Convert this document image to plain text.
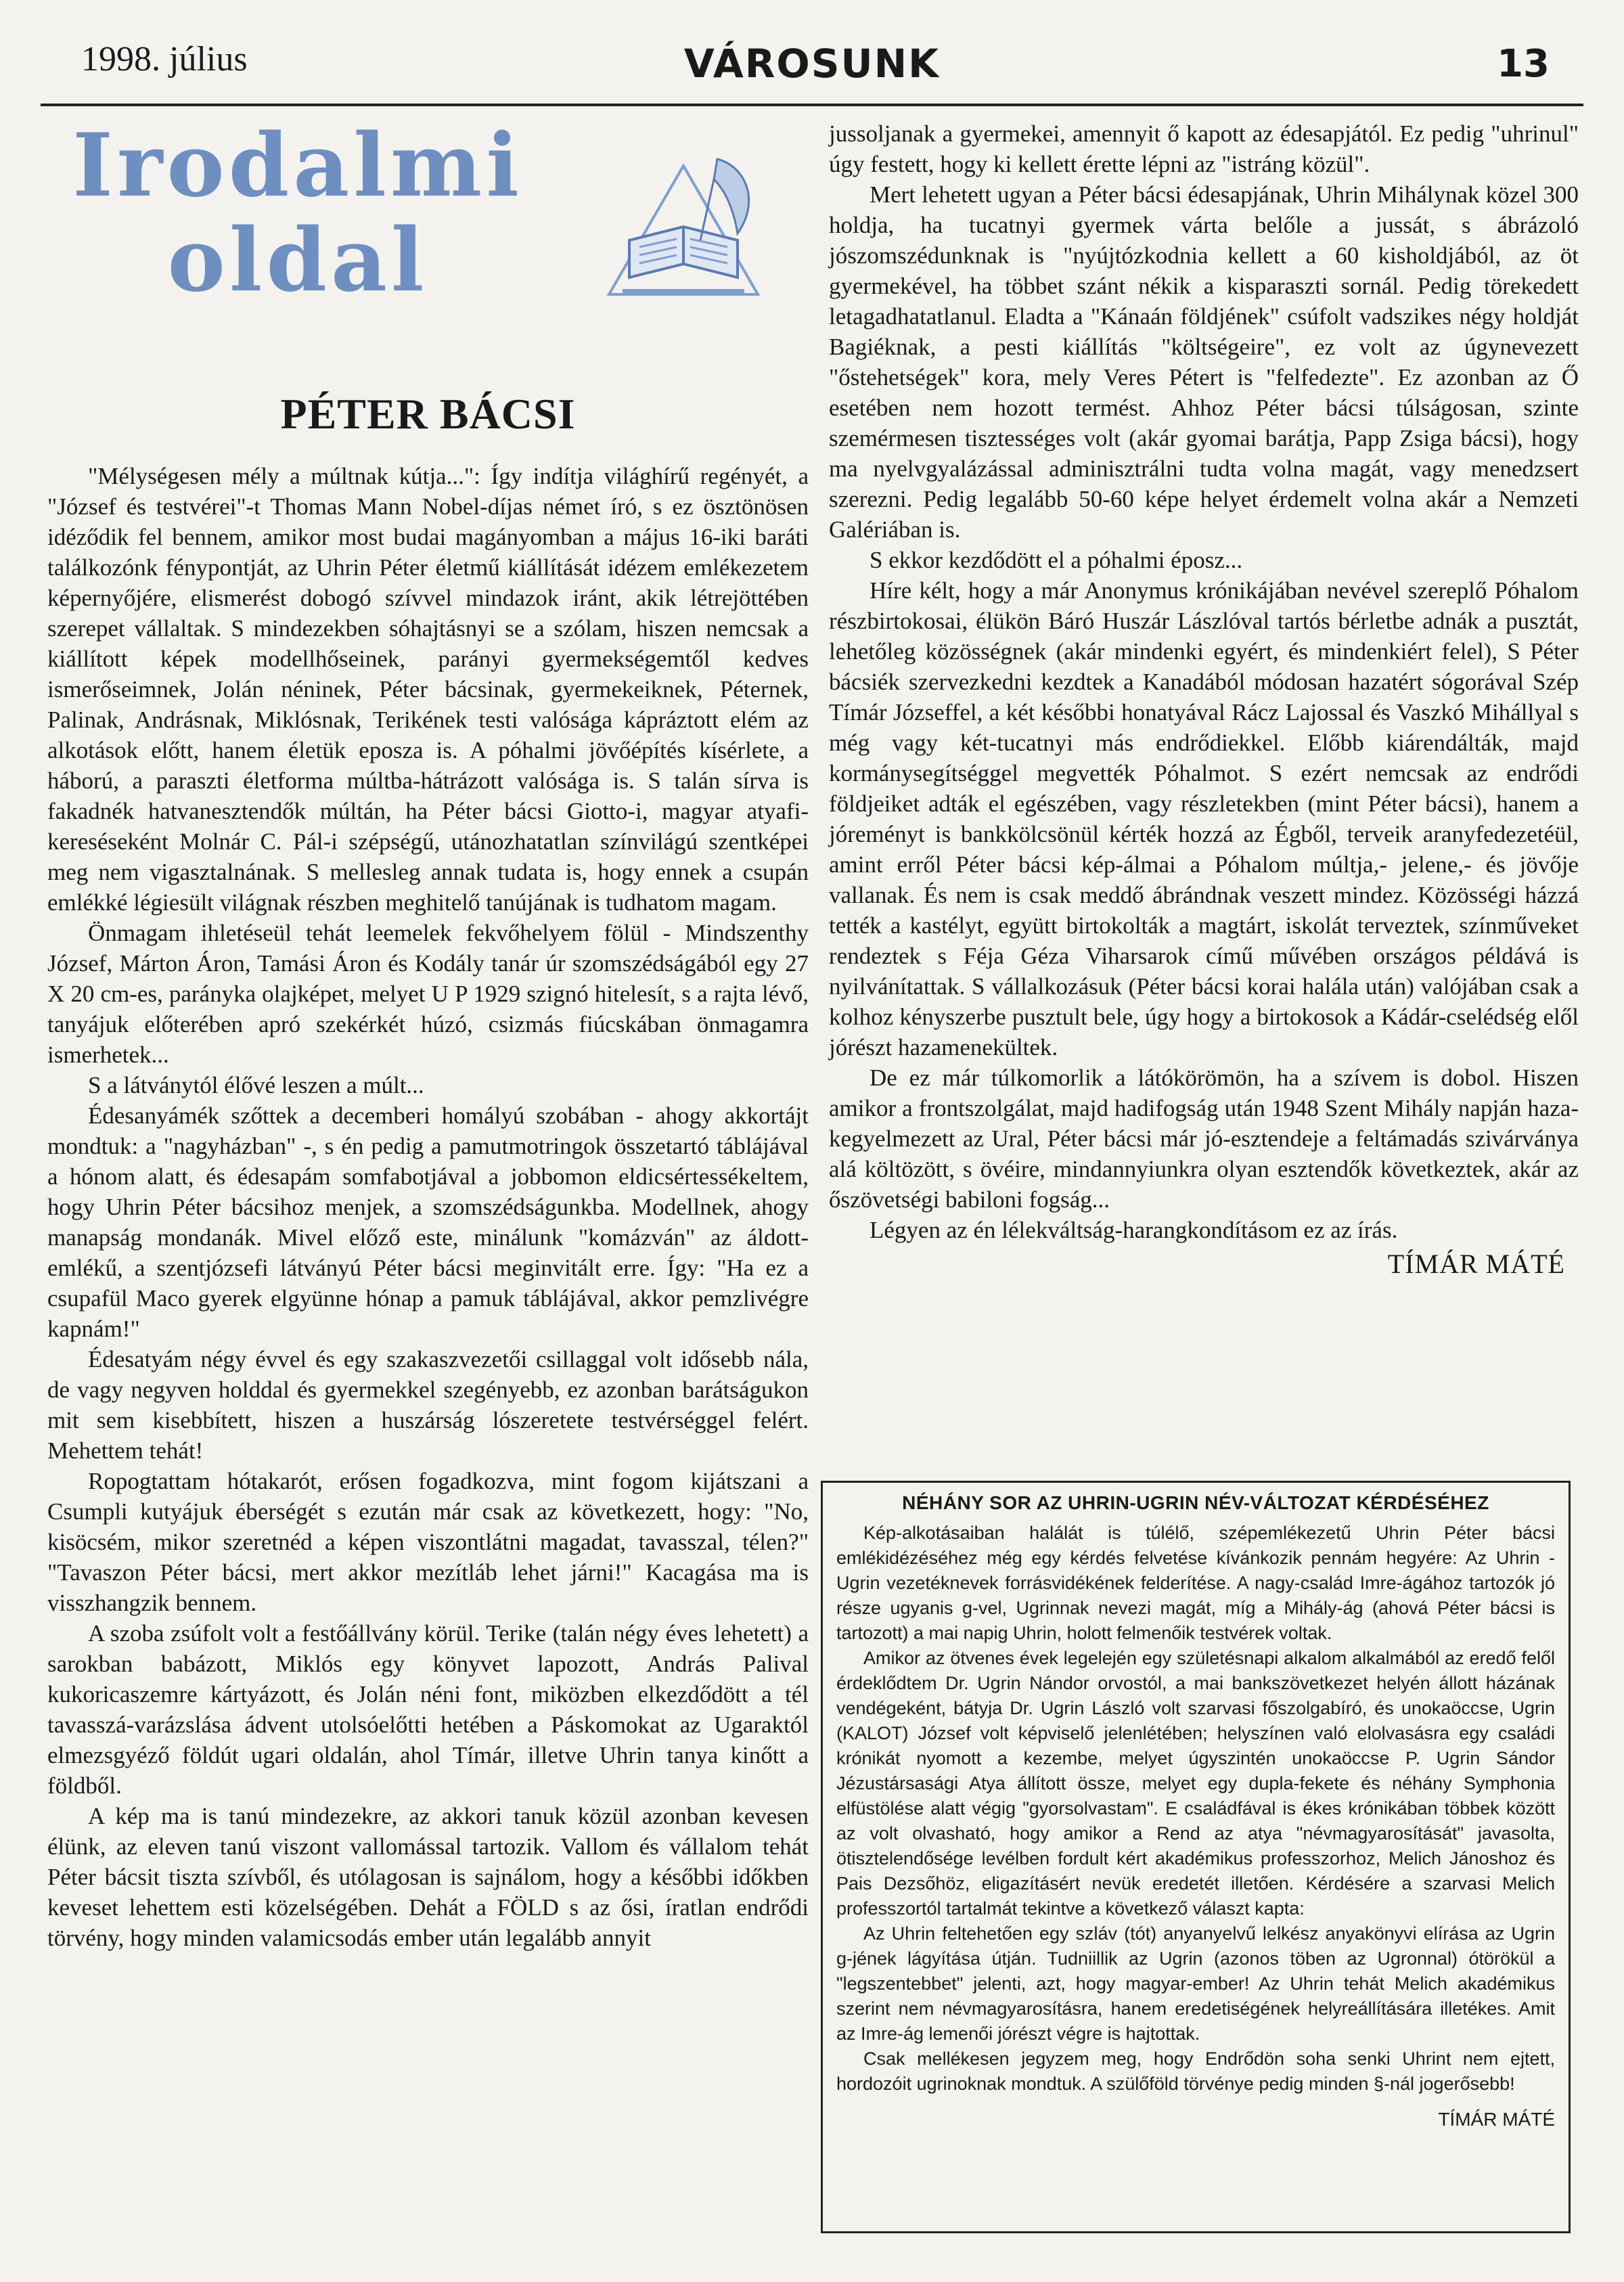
1998. július	VÁROSUNK	13
Irodalmi
oldal
PÉTER BÁCSI

"Mélységesen mély a múltnak kútja...": Így indítja világhírű regényét, a "József és testvérei"-t Thomas Mann Nobel-díjas német író, s ez ösztönösen idéződik fel bennem, amikor most budai magányomban a május 16-iki baráti találkozónk fénypontját, az Uhrin Péter életmű kiállítását idézem emlékezetem képernyőjére, elismerést dobogó szívvel mindazok iránt, akik létrejöttében szerepet vállaltak. S mindezekben sóhajtásnyi se a szólam, hiszen nemcsak a kiállított képek modellhőseinek, parányi gyermekségemtől kedves ismerőseimnek, Jolán néninek, Péter bácsinak, gyermekeiknek, Péternek, Palinak, Andrásnak, Miklósnak, Terikének testi valósága kápráztott elém az alkotások előtt, hanem életük eposza is. A póhalmi jövőépítés kísérlete, a háború, a paraszti életforma múltba-hátrázott valósága is. S talán sírva is fakadnék hatvanesztendők múltán, ha Péter bácsi Giotto-i, magyar atyafi-kereséseként Molnár C. Pál-i szépségű, utánozhatatlan színvilágú szentképei meg nem vigasztalnának. S mellesleg annak tudata is, hogy ennek a csupán emlékké légiesült világnak részben meghitelő tanújának is tudhatom magam.

Önmagam ihletéseül tehát leemelek fekvőhelyem fölül - Mindszenthy József, Márton Áron, Tamási Áron és Kodály tanár úr szomszédságából egy 27 X 20 cm-es, parányka olajképet, melyet U P 1929 szignó hitelesít, s a rajta lévő, tanyájuk előterében apró szekérkét húzó, csizmás fiúcskában önmagamra ismerhetek...

S a látványtól élővé leszen a múlt...

Édesanyámék szőttek a decemberi homályú szobában - ahogy akkortájt mondtuk: a "nagyházban" -, s én pedig a pamutmotringok összetartó táblájával a hónom alatt, és édesapám somfabotjával a jobbomon eldicsértessékeltem, hogy Uhrin Péter bácsihoz menjek, a szomszédságunkba. Modellnek, ahogy manapság mondanák. Mivel előző este, minálunk "komázván" az áldott-emlékű, a szentjózsefi látványú Péter bácsi meginvitált erre. Így: "Ha ez a csupafül Maco gyerek elgyünne hónap a pamuk táblájával, akkor pemzlivégre kapnám!"

Édesatyám négy évvel és egy szakaszvezetői csillaggal volt idősebb nála, de vagy negyven holddal és gyermekkel szegényebb, ez azonban barátságukon mit sem kisebbített, hiszen a huszárság lószeretete testvérséggel felért. Mehettem tehát!

Ropogtattam hótakarót, erősen fogadkozva, mint fogom kijátszani a Csumpli kutyájuk éberségét s ezután már csak az következett, hogy: "No, kisöcsém, mikor szeretnéd a képen viszontlátni magadat, tavasszal, télen?" "Tavaszon Péter bácsi, mert akkor mezítláb lehet járni!" Kacagása ma is visszhangzik bennem.

A szoba zsúfolt volt a festőállvány körül. Terike (talán négy éves lehetett) a sarokban babázott, Miklós egy könyvet lapozott, András Palival kukoricaszemre kártyázott, és Jolán néni font, miközben elkezdődött a tél tavasszá-varázslása ádvent utolsóelőtti hetében a Páskomokat az Ugaraktól elmezsgyéző földút ugari oldalán, ahol Tímár, illetve Uhrin tanya kinőtt a földből.

A kép ma is tanú mindezekre, az akkori tanuk közül azonban kevesen élünk, az eleven tanú viszont vallomással tartozik. Vallom és vállalom tehát Péter bácsit tiszta szívből, és utólagosan is sajnálom, hogy a későbbi időkben keveset lehettem esti közelségében. Dehát a FÖLD s az ősi, íratlan endrődi törvény, hogy minden valamicsodás ember után legalább annyit

jussoljanak a gyermekei, amennyit ő kapott az édesapjától. Ez pedig "uhrinul" úgy festett, hogy ki kellett érette lépni az "istráng közül".

Mert lehetett ugyan a Péter bácsi édesapjának, Uhrin Mihálynak közel 300 holdja, ha tucatnyi gyermek várta belőle a jussát, s ábrázoló jószomszédunknak is "nyújtózkodnia kellett a 60 kisholdjából, az öt gyermekével, ha többet szánt nékik a kisparaszti sornál. Pedig törekedett letagadhatatlanul. Eladta a "Kánaán földjének" csúfolt vadszikes négy holdját Bagiéknak, a pesti kiállítás "költségeire", ez volt az úgynevezett "őstehetségek" kora, mely Veres Pétert is "felfedezte". Ez azonban az Ő esetében nem hozott termést. Ahhoz Péter bácsi túlságosan, szinte szemérmesen tisztességes volt (akár gyomai barátja, Papp Zsiga bácsi), hogy ma nyelvgyalázással adminisztrálni tudta volna magát, vagy menedzsert szerezni. Pedig legalább 50-60 képe helyet érdemelt volna akár a Nemzeti Galériában is.

S ekkor kezdődött el a póhalmi éposz...

Híre kélt, hogy a már Anonymus krónikájában nevével szereplő Póhalom részbirtokosai, élükön Báró Huszár Lászlóval tartós bérletbe adnák a pusztát, lehetőleg közösségnek (akár mindenki egyért, és mindenkiért felel), S Péter bácsiék szervezkedni kezdtek a Kanadából módosan hazatért sógorával Szép Tímár Józseffel, a két későbbi honatyával Rácz Lajossal és Vaszkó Mihállyal s még vagy két-tucatnyi más endrődiekkel. Előbb kiárendálták, majd kormánysegítséggel megvették Póhalmot. S ezért nemcsak az endrődi földjeiket adták el egészében, vagy részletekben (mint Péter bácsi), hanem a jóreményt is bankkölcsönül kérték hozzá az Égből, terveik aranyfedezetéül, amint erről Péter bácsi kép-álmai a Póhalom múltja,- jelene,- és jövője vallanak. És nem is csak meddő ábrándnak veszett mindez. Közösségi házzá tették a kastélyt, együtt birtokolták a magtárt, iskolát terveztek, színműveket rendeztek s Féja Géza Viharsarok című művében országos példává is nyilvánítattak. S vállalkozásuk (Péter bácsi korai halála után) valójában csak a kolhoz kényszerbe pusztult bele, úgy hogy a birtokosok a Kádár-cselédség elől jórészt hazamenekültek.

De ez már túlkomorlik a látókörömön, ha a szívem is dobol. Hiszen amikor a frontszolgálat, majd hadifogság után 1948 Szent Mihály napján haza-kegyelmezett az Ural, Péter bácsi már jó-esztendeje a feltámadás szivárványa alá költözött, s övéire, mindannyiunkra olyan esztendők következtek, akár az őszövetségi babiloni fogság...

Légyen az én lélekváltság-harangkondításom ez az írás.

TÍMÁR MÁTÉ
NÉHÁNY SOR AZ UHRIN-UGRIN NÉV-VÁLTOZAT KÉRDÉSÉHEZ

Kép-alkotásaiban halálát is túlélő, szépemlékezetű Uhrin Péter bácsi emlékidézéséhez még egy kérdés felvetése kívánkozik pennám hegyére: Az Uhrin - Ugrin vezetéknevek forrásvidékének felderítése. A nagy-család Imre-ágához tartozók jó része ugyanis g-vel, Ugrinnak nevezi magát, míg a Mihály-ág (ahová Péter bácsi is tartozott) a mai napig Uhrin, holott felmenőik testvérek voltak.

Amikor az ötvenes évek legelején egy születésnapi alkalom alkalmából az eredő felől érdeklődtem Dr. Ugrin Nándor orvostól, a mai bankszövetkezet helyén állott házának vendégeként, bátyja Dr. Ugrin László volt szarvasi főszolgabíró, és unokaöccse, Ugrin (KALOT) József volt képviselő jelenlétében; helyszínen való elolvasásra egy családi krónikát nyomott a kezembe, melyet úgyszintén unokaöccse P. Ugrin Sándor Jézustársasági Atya állított össze, melyet egy dupla-fekete és néhány Symphonia elfüstölése alatt végig "gyorsolvastam". E családfával is ékes krónikában többek között az volt olvasható, hogy amikor a Rend az atya "névmagyarosítását" javasolta, ötisztelendősége levélben fordult kért akadémikus professzorhoz, Melich Jánoshoz és Pais Dezsőhöz, eligazításért nevük eredetét illetően. Kérdésére a szarvasi Melich professzortól tartalmát tekintve a következő választ kapta:

Az Uhrin feltehetően egy szláv (tót) anyanyelvű lelkész anyakönyvi elírása az Ugrin g-jének lágyítása útján. Tudniillik az Ugrin (azonos töben az Ugronnal) ótörökül a "legszentebbet" jelenti, azt, hogy magyar-ember! Az Uhrin tehát Melich akadémikus szerint nem névmagyarosításra, hanem eredetiségének helyreállítására illetékes. Amit az Imre-ág lemenői jórészt végre is hajtottak.

Csak mellékesen jegyzem meg, hogy Endrődön soha senki Uhrint nem ejtett, hordozóit ugrinoknak mondtuk. A szülőföld törvénye pedig minden §-nál jogerősebb!

TÍMÁR MÁTÉ
